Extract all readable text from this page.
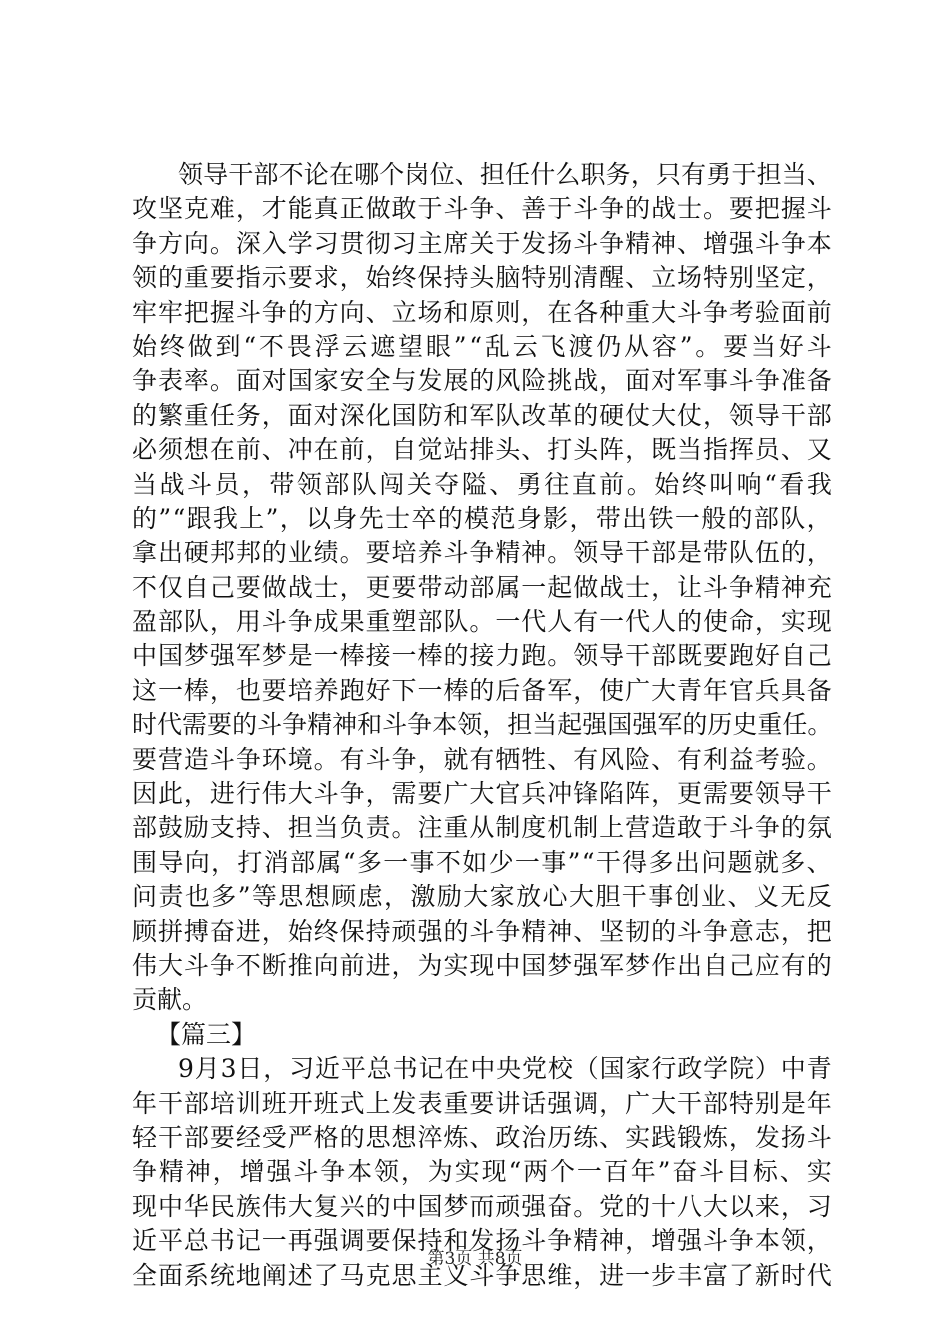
领 导 干 部 不 论 在 哪 个 岗 位 、 担 任 什 么 职 务 ， 只 有 勇 于 担 当 、
攻 坚 克 难 ， 才 能 真 正 做 敢 于 斗 争 、 善 于 斗 争 的 战 士 。 要 把 握 斗
争 方 向 。 深 入 学 习 贯 彻 习 主 席 关 于 发 扬 斗 争 精 神 、 增 强 斗 争 本
领 的 重 要 指 示 要 求 ， 始 终 保 持 头 脑 特 别 清 醒 、 立 场 特 别 坚 定 ，
牢 牢 把 握 斗 争 的 方 向 、 立 场 和 原 则 ， 在 各 种 重 大 斗 争 考 验 面 前
始 终 做 到 “ 不 畏 浮 云 遮 望 眼 ” “ 乱 云 飞 渡 仍 从 容 ” 。 要 当 好 斗
争 表 率 。 面 对 国 家 安 全 与 发 展 的 风 险 挑 战 ， 面 对 军 事 斗 争 准 备
的 繁 重 任 务 ， 面 对 深 化 国 防 和 军 队 改 革 的 硬 仗 大 仗 ， 领 导 干 部
必 须 想 在 前 、 冲 在 前 ， 自 觉 站 排 头 、 打 头 阵 ， 既 当 指 挥 员 、 又
当 战 斗 员 ， 带 领 部 队 闯 关 夺 隘 、 勇 往 直 前 。 始 终 叫 响 “ 看 我
的 ” “ 跟 我 上 ” ， 以 身 先 士 卒 的 模 范 身 影 ， 带 出 铁 一 般 的 部 队 ，
拿 出 硬 邦 邦 的 业 绩 。 要 培 养 斗 争 精 神 。 领 导 干 部 是 带 队 伍 的 ，
不 仅 自 己 要 做 战 士 ， 更 要 带 动 部 属 一 起 做 战 士 ， 让 斗 争 精 神 充
盈 部 队 ， 用 斗 争 成 果 重 塑 部 队 。 一 代 人 有 一 代 人 的 使 命 ， 实 现
中 国 梦 强 军 梦 是 一 棒 接 一 棒 的 接 力 跑 。 领 导 干 部 既 要 跑 好 自 己
这 一 棒 ， 也 要 培 养 跑 好 下 一 棒 的 后 备 军 ， 使 广 大 青 年 官 兵 具 备
时 代 需 要 的 斗 争 精 神 和 斗 争 本 领 ， 担 当 起 强 国 强 军 的 历 史 重 任 。
要 营 造 斗 争 环 境 。 有 斗 争 ， 就 有 牺 牲 、 有 风 险 、 有 利 益 考 验 。
因 此 ， 进 行 伟 大 斗 争 ， 需 要 广 大 官 兵 冲 锋 陷 阵 ， 更 需 要 领 导 干
部 鼓 励 支 持 、 担 当 负 责 。 注 重 从 制 度 机 制 上 营 造 敢 于 斗 争 的 氛
围 导 向 ， 打 消 部 属 “ 多 一 事 不 如 少 一 事 ” “ 干 得 多 出 问 题 就 多 、
问 责 也 多 ” 等 思 想 顾 虑 ， 激 励 大 家 放 心 大 胆 干 事 创 业 、 义 无 反
顾 拼 搏 奋 进 ， 始 终 保 持 顽 强 的 斗 争 精 神 、 坚 韧 的 斗 争 意 志 ， 把
伟 大 斗 争 不 断 推 向 前 进 ， 为 实 现 中 国 梦 强 军 梦 作 出 自 己 应 有 的
贡献。
【篇三】
9 月 3 日 ， 习 近 平 总 书 记 在 中 央 党 校 （ 国 家 行 政 学 院 ） 中 青
年 干 部 培 训 班 开 班 式 上 发 表 重 要 讲 话 强 调 ， 广 大 干 部 特 别 是 年
轻 干 部 要 经 受 严 格 的 思 想 淬 炼 、 政 治 历 练 、 实 践 锻 炼 ， 发 扬 斗
争 精 神 ， 增 强 斗 争 本 领 ， 为 实 现 “ 两 个 一 百 年 ” 奋 斗 目 标 、 实
现 中 华 民 族 伟 大 复 兴 的 中 国 梦 而 顽 强 奋 。 党 的 十 八 大 以 来 ， 习
近 平 总 书 记 一 再 强 调 要 保 持 和 发 扬 斗 争 精 神 ， 增 强 斗 争 本 领 ，
全 面 系 统 地 阐 述 了 马 克 思 主 义 斗 争 思 维 ， 进 一 步 丰 富 了 新 时 代
第3页 共8页
